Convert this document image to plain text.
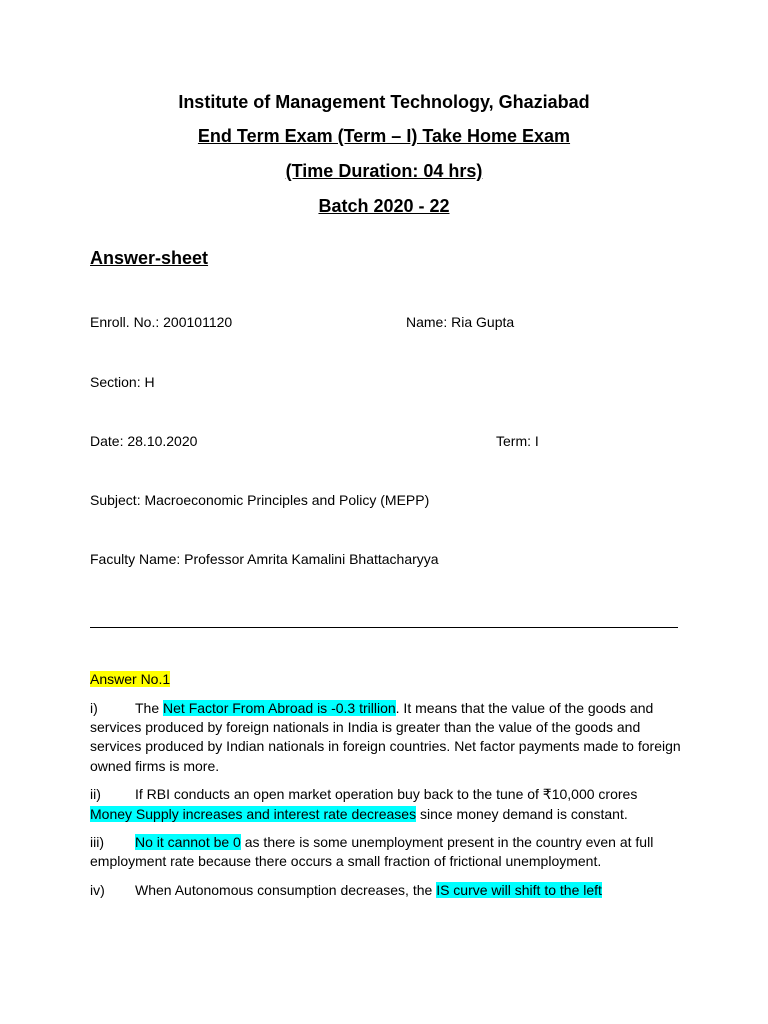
Institute of Management Technology, Ghaziabad
End Term Exam (Term – I) Take Home Exam
(Time Duration: 04 hrs)
Batch 2020 - 22
Answer-sheet
Enroll. No.: 200101120	Name: Ria Gupta
Section: H
Date: 28.10.2020	Term: I
Subject: Macroeconomic Principles and Policy (MEPP)
Faculty Name: Professor Amrita Kamalini Bhattacharyya
Answer No.1

i)	The Net Factor From Abroad is -0.3 trillion. It means that the value of the goods and services produced by foreign nationals in India is greater than the value of the goods and services produced by Indian nationals in foreign countries. Net factor payments made to foreign owned firms is more.

ii) If RBI conducts an open market operation buy back to the tune of ₹10,000 crores Money Supply increases and interest rate decreases since money demand is constant.

iii) No it cannot be 0 as there is some unemployment present in the country even at full employment rate because there occurs a small fraction of frictional unemployment.

iv) When Autonomous consumption decreases, the IS curve will shift to the left
